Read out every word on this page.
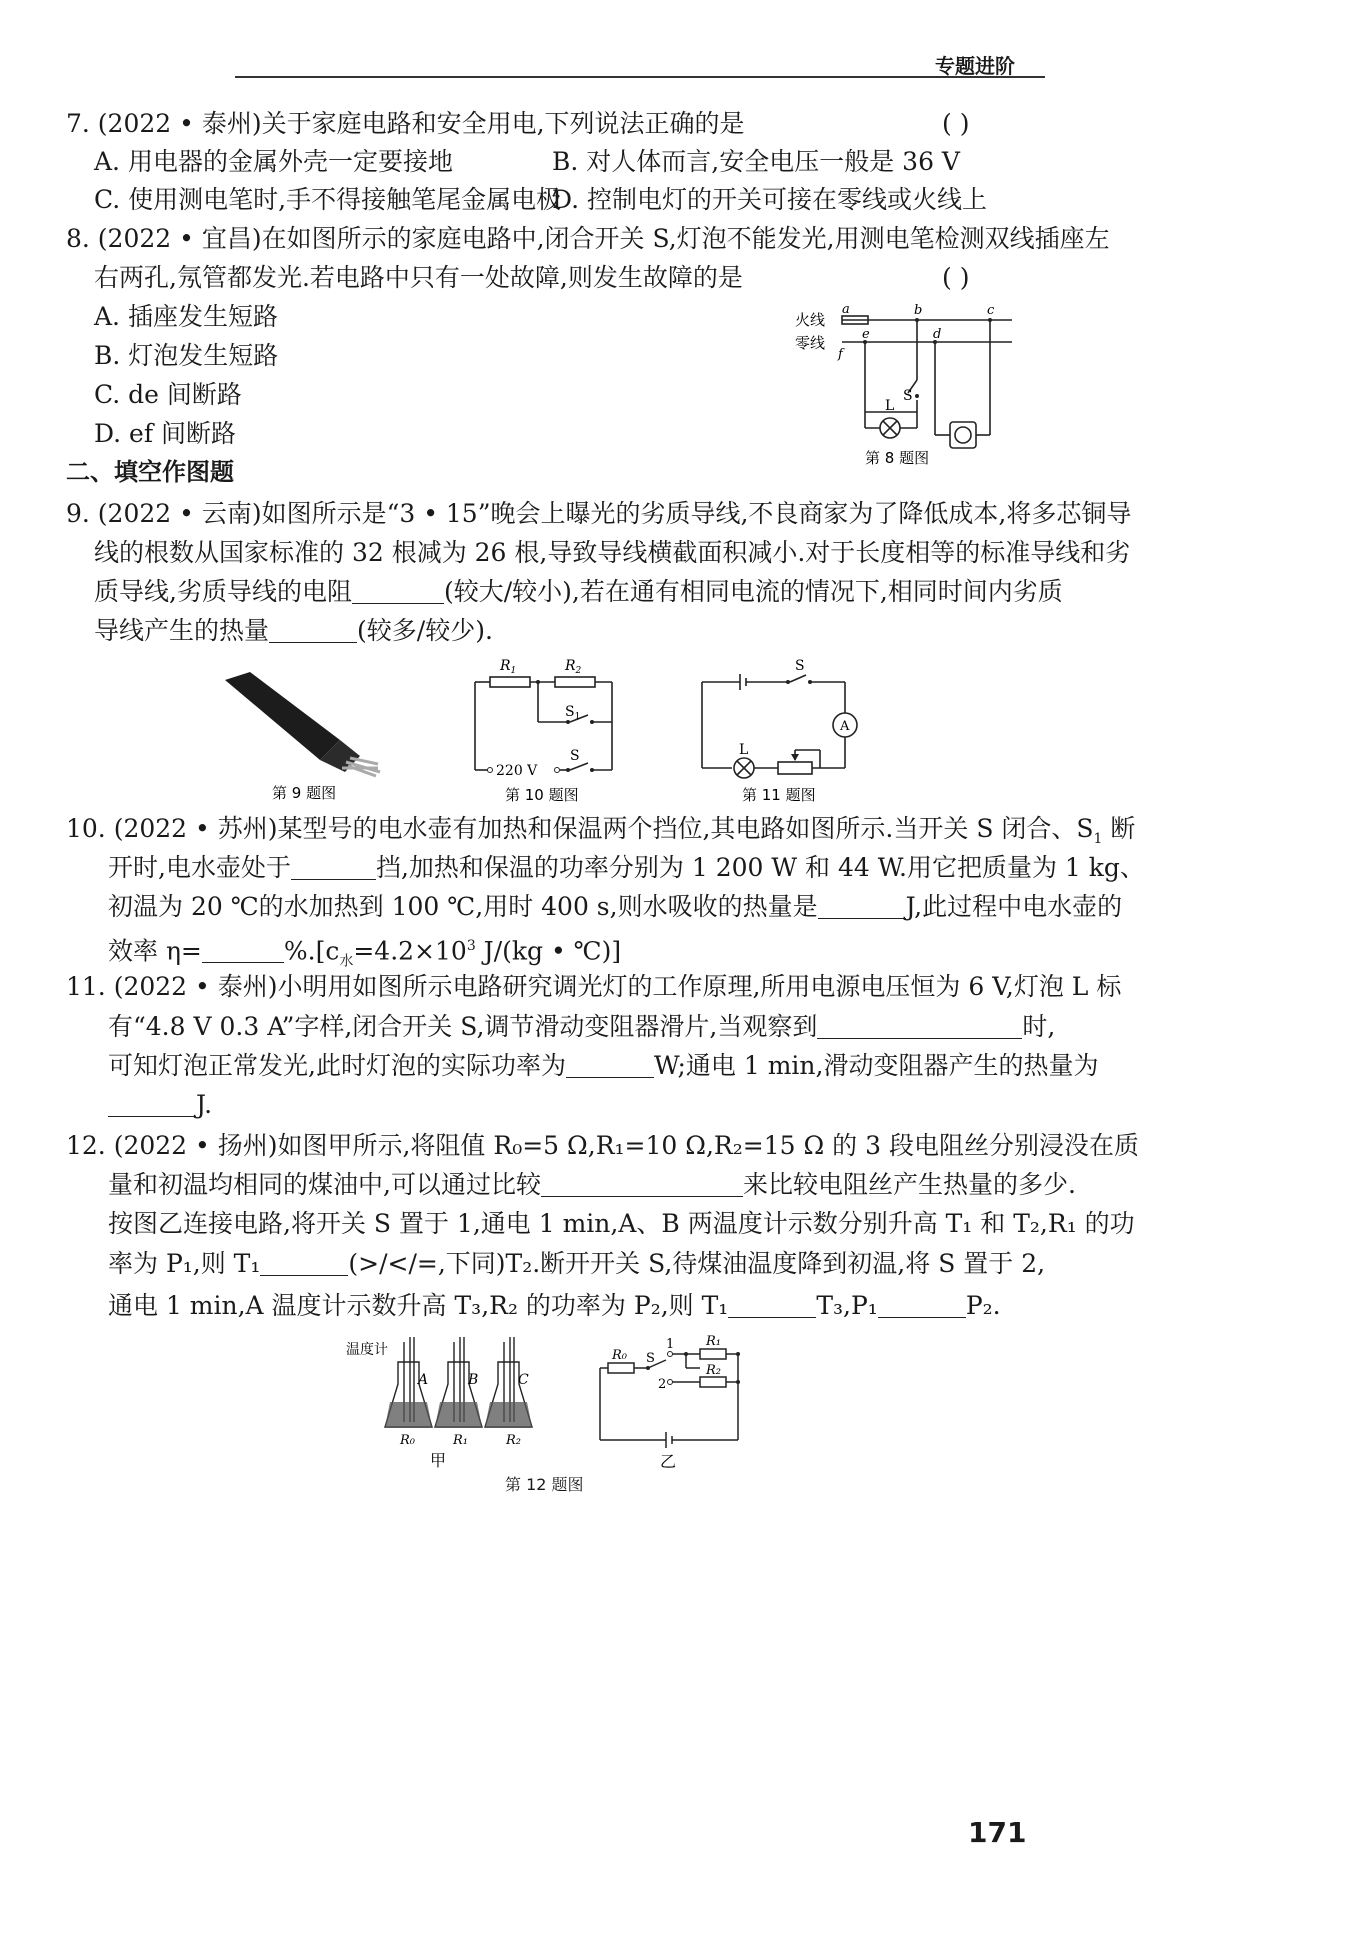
专题进阶
7. (2022 • 泰州)关于家庭电路和安全用电,下列说法正确的是	( )
A. 用电器的金属外壳一定要接地	B. 对人体而言,安全电压一般是 36 V
C. 使用测电笔时,手不得接触笔尾金属电极
D. 控制电灯的开关可接在零线或火线上
8. (2022 • 宜昌)在如图所示的家庭电路中,闭合开关 S,灯泡不能发光,用测电笔检测双线插座左
右两孔,氖管都发光.若电路中只有一处故障,则发生故障的是	( )
A. 插座发生短路
B. 灯泡发生短路
C. de 间断路
D. ef 间断路
火线
零线
a	b	c
d
e
f
L
S
第 8 题图
二、填空作图题
9. (2022 • 云南)如图所示是“3 • 15”晚会上曝光的劣质导线,不良商家为了降低成本,将多芯铜导
线的根数从国家标准的 32 根减为 26 根,导致导线横截面积减小.对于长度相等的标准导线和劣
质导线,劣质导线的电阻	(较大/较小),若在通有相同电流的情况下,相同时间内劣质
导线产生的热量	(较多/较少).
第 9 题图
$R_1$	$R_2$
$S_1$
S
220 V
第 10 题图
S
A
L
第 11 题图
10. (2022 • 苏州)某型号的电水壶有加热和保温两个挡位,其电路如图所示.当开关 S 闭合、$S_1$ 断
开时,电水壶处于	挡,加热和保温的功率分别为 1 200 W 和 44 W.用它把质量为 1 kg、
初温为 20 ℃的水加热到 100 ℃,用时 400 s,则水吸收的热量是	J,此过程中电水壶的
效率 η=	$\%.[c_水=4.2\times 10^3$ J/(kg • ℃)]
11. (2022 • 泰州)小明用如图所示电路研究调光灯的工作原理,所用电源电压恒为 6 V,灯泡 L 标
有“4.8 V 0.3 A”字样,闭合开关 S,调节滑动变阻器滑片,当观察到	时,
可知灯泡正常发光,此时灯泡的实际功率为	W;通电 1 min,滑动变阻器产生的热量为
J.
12. (2022 • 扬州)如图甲所示,将阻值 R₀=5 Ω,R₁=10 Ω,R₂=15 Ω 的 3 段电阻丝分别浸没在质
量和初温均相同的煤油中,可以通过比较	来比较电阻丝产生热量的多少.
按图乙连接电路,将开关 S 置于 1,通电 1 min,A、B 两温度计示数分别升高 T₁ 和 T₂,R₁ 的功
率为 P₁,则 T₁	(>/</=,下同)T₂.断开开关 S,待煤油温度降到初温,将 S 置于 2,
通电 1 min,A 温度计示数升高 T₃,R₂ 的功率为 P₂,则 T₁	T₃,P₁	P₂.
温度计
A	B	C
R₀	R₁	R₂
甲
R₀ S
1
2
R₁
R₂
乙
第 12 题图
171
